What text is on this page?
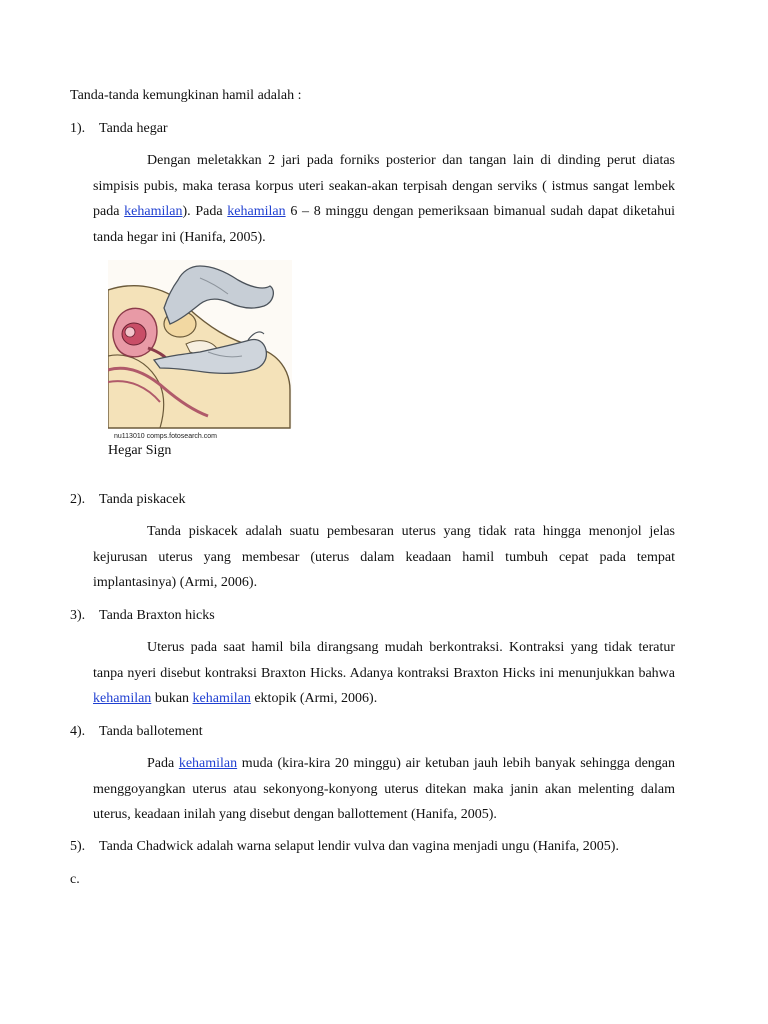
Tanda-tanda kemungkinan hamil adalah :
1). Tanda hegar

Dengan meletakkan 2 jari pada forniks posterior dan tangan lain di dinding perut diatas simpisis pubis, maka terasa korpus uteri seakan-akan terpisah dengan serviks ( istmus sangat lembek pada kehamilan). Pada kehamilan 6 – 8 minggu dengan pemeriksaan bimanual sudah dapat diketahui tanda hegar ini (Hanifa, 2005).

nu113010 comps.fotosearch.com
Hegar Sign
2). Tanda piskacek

Tanda piskacek adalah suatu pembesaran uterus yang tidak rata hingga menonjol jelas kejurusan uterus yang membesar (uterus dalam keadaan hamil tumbuh cepat pada tempat implantasinya) (Armi, 2006).

3). Tanda Braxton hicks

Uterus pada saat hamil bila dirangsang mudah berkontraksi. Kontraksi yang tidak teratur tanpa nyeri disebut kontraksi Braxton Hicks. Adanya kontraksi Braxton Hicks ini menunjukkan bahwa kehamilan bukan kehamilan ektopik (Armi, 2006).

4). Tanda ballotement

Pada kehamilan muda (kira-kira 20 minggu) air ketuban jauh lebih banyak sehingga dengan menggoyangkan uterus atau sekonyong-konyong uterus ditekan maka janin akan melenting dalam uterus, keadaan inilah yang disebut dengan ballottement (Hanifa, 2005).

5). Tanda Chadwick adalah warna selaput lendir vulva dan vagina menjadi ungu (Hanifa, 2005).
c.
